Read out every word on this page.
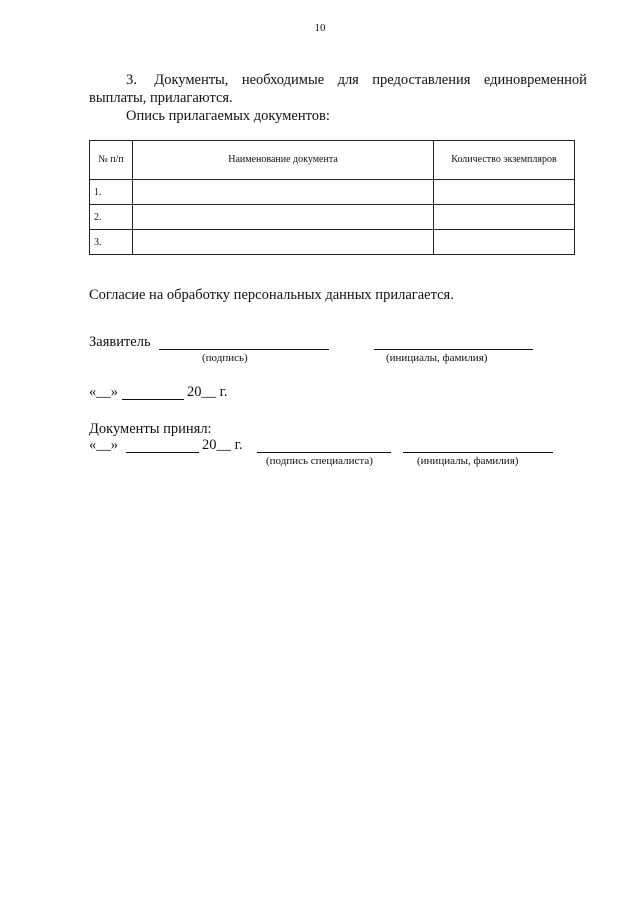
10
3. Документы, необходимые для предоставления единовременной
выплаты, прилагаются.
Опись прилагаемых документов:
№ п/п	Наименование документа	Количество экземпляров
1.		
2.		
3.		
Согласие на обработку персональных данных прилагается.
Заявитель
(подпись)	(инициалы, фамилия)
«__»	20__ г.
Документы принял:
«__»	20__ г.
(подпись специалиста)	(инициалы, фамилия)
